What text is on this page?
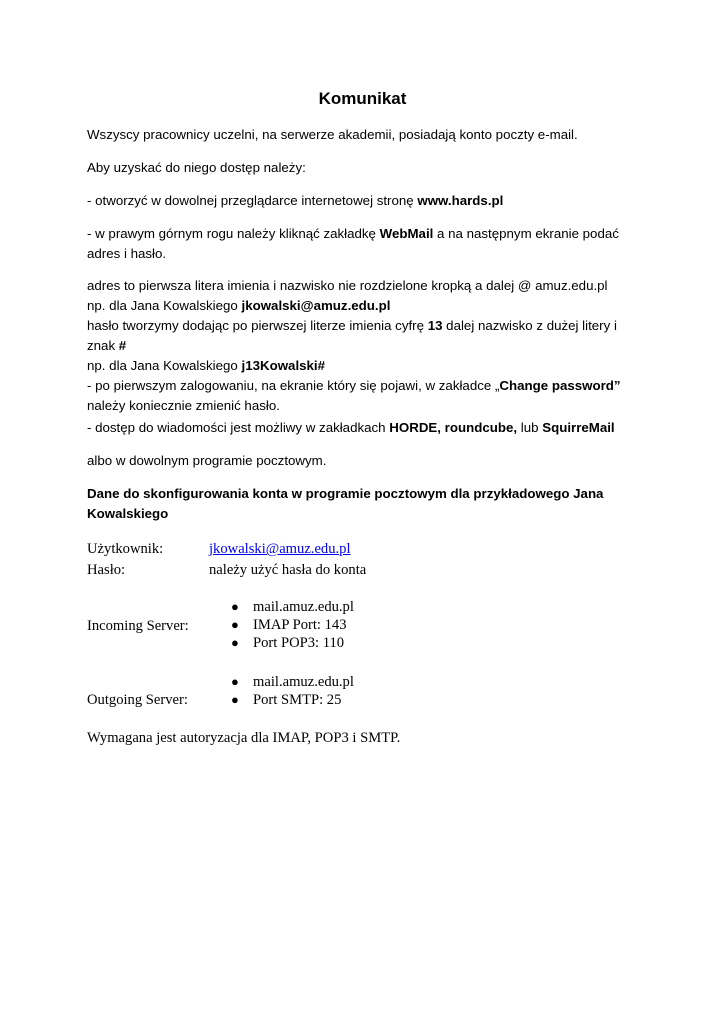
Komunikat
Wszyscy pracownicy uczelni, na serwerze akademii, posiadają konto poczty e-mail.
Aby uzyskać do niego dostęp należy:
- otworzyć w dowolnej przeglądarce internetowej stronę www.hards.pl
- w prawym górnym rogu należy kliknąć zakładkę WebMail a na następnym ekranie podać adres i hasło.
adres to pierwsza litera imienia i nazwisko nie rozdzielone kropką a dalej @ amuz.edu.pl
np. dla Jana Kowalskiego jkowalski@amuz.edu.pl
hasło tworzymy dodając po pierwszej literze imienia cyfrę 13 dalej nazwisko z dużej litery i znak #
np. dla Jana Kowalskiego j13Kowalski#
- po pierwszym zalogowaniu, na ekranie który się pojawi, w zakładce „Change password”
należy koniecznie zmienić hasło.
- dostęp do wiadomości jest możliwy w zakładkach HORDE, roundcube, lub SquirreMail
albo w dowolnym programie pocztowym.
Dane do skonfigurowania konta w programie pocztowym dla przykładowego Jana Kowalskiego
Użytkownik:	jkowalski@amuz.edu.pl
Hasło:	należy użyć hasła do konta
Incoming Server:
● mail.amuz.edu.pl
● IMAP Port: 143
● Port POP3: 110
Outgoing Server:
● mail.amuz.edu.pl
● Port SMTP: 25
Wymagana jest autoryzacja dla IMAP, POP3 i SMTP.
